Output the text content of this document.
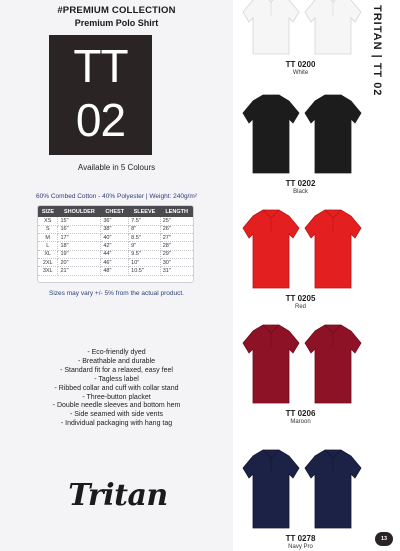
#PREMIUM COLLECTION
Premium Polo Shirt
TT
02
Available in 5 Colours
60% Combed Cotton - 40% Polyester | Weight: 240g/m²
SIZE	SHOULDER	CHEST	SLEEVE	LENGTH
XS	15"	36"	7.5"	25"
S	16"	38"	8"	26"
M	17"	40"	8.5"	27"
L	18"	42"	9"	28"
XL	19"	44"	9.5"	29"
2XL	20"	46"	10"	30"
3XL	21"	48"	10.5"	31"
Sizes may vary +/- 5% from the actual product.
- Eco-friendly dyed
- Breathable and durable
- Standard fit for a relaxed, easy feel
- Tagless label
- Ribbed collar and cuff with collar stand
- Three-button placket
- Double needle sleeves and bottom hem
- Side seamed with side vents
- Individual packaging with hang tag
Tritan
TRITAN | TT 02
TT 0200
White
TT 0202
Black
TT 0205
Red
TT 0206
Maroon
TT 0278
Navy Pro
13
